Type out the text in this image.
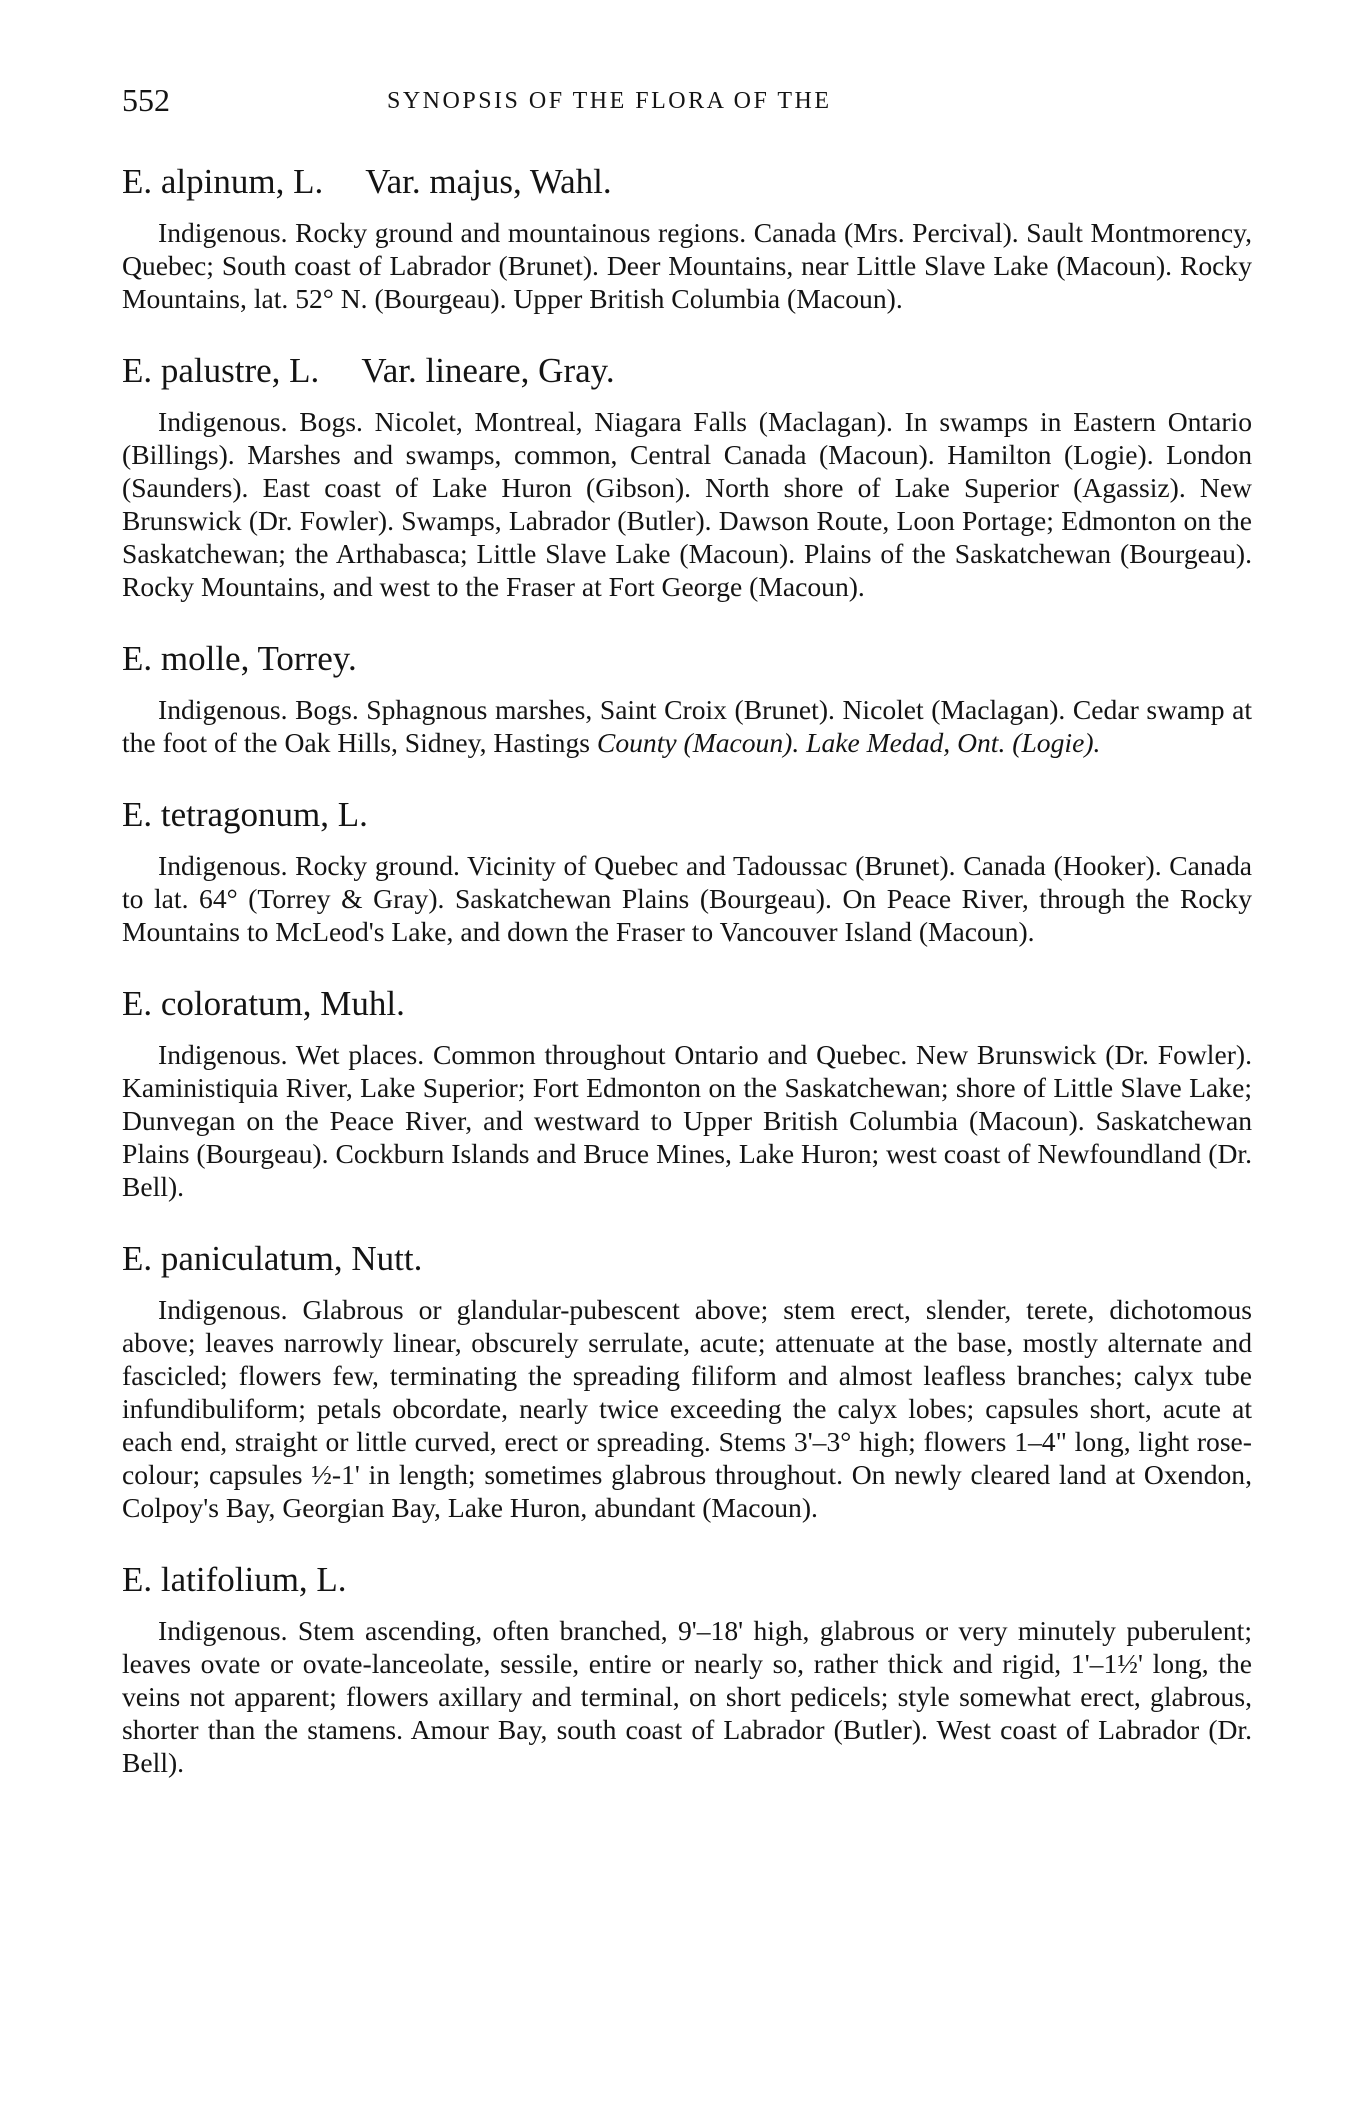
552	SYNOPSIS OF THE FLORA OF THE
E. alpinum, L. Var. majus, Wahl.

Indigenous. Rocky ground and mountainous regions. Canada (Mrs. Percival). Sault Montmorency, Quebec; South coast of Labrador (Brunet). Deer Mountains, near Little Slave Lake (Macoun). Rocky Mountains, lat. 52° N. (Bourgeau). Upper British Columbia (Macoun).

E. palustre, L. Var. lineare, Gray.

Indigenous. Bogs. Nicolet, Montreal, Niagara Falls (Maclagan). In swamps in Eastern Ontario (Billings). Marshes and swamps, common, Central Canada (Macoun). Hamilton (Logie). London (Saunders). East coast of Lake Huron (Gibson). North shore of Lake Superior (Agassiz). New Brunswick (Dr. Fowler). Swamps, Labrador (Butler). Dawson Route, Loon Portage; Edmonton on the Saskatchewan; the Arthabasca; Little Slave Lake (Macoun). Plains of the Saskatchewan (Bourgeau). Rocky Mountains, and west to the Fraser at Fort George (Macoun).

E. molle, Torrey.

Indigenous. Bogs. Sphagnous marshes, Saint Croix (Brunet). Nicolet (Maclagan). Cedar swamp at the foot of the Oak Hills, Sidney, Hastings County (Macoun). Lake Medad, Ont. (Logie).

E. tetragonum, L.

Indigenous. Rocky ground. Vicinity of Quebec and Tadoussac (Brunet). Canada (Hooker). Canada to lat. 64° (Torrey & Gray). Saskatchewan Plains (Bourgeau). On Peace River, through the Rocky Mountains to McLeod's Lake, and down the Fraser to Vancouver Island (Macoun).

E. coloratum, Muhl.

Indigenous. Wet places. Common throughout Ontario and Quebec. New Brunswick (Dr. Fowler). Kaministiquia River, Lake Superior; Fort Edmonton on the Saskatchewan; shore of Little Slave Lake; Dunvegan on the Peace River, and westward to Upper British Columbia (Macoun). Saskatchewan Plains (Bourgeau). Cockburn Islands and Bruce Mines, Lake Huron; west coast of Newfoundland (Dr. Bell).

E. paniculatum, Nutt.

Indigenous. Glabrous or glandular-pubescent above; stem erect, slender, terete, dichotomous above; leaves narrowly linear, obscurely serrulate, acute; attenuate at the base, mostly alternate and fascicled; flowers few, terminating the spreading filiform and almost leafless branches; calyx tube infundibuliform; petals obcordate, nearly twice exceeding the calyx lobes; capsules short, acute at each end, straight or little curved, erect or spreading. Stems 3'–3° high; flowers 1–4" long, light rose-colour; capsules ½-1' in length; sometimes glabrous throughout. On newly cleared land at Oxendon, Colpoy's Bay, Georgian Bay, Lake Huron, abundant (Macoun).

E. latifolium, L.

Indigenous. Stem ascending, often branched, 9'–18' high, glabrous or very minutely puberulent; leaves ovate or ovate-lanceolate, sessile, entire or nearly so, rather thick and rigid, 1'–1½' long, the veins not apparent; flowers axillary and terminal, on short pedicels; style somewhat erect, glabrous, shorter than the stamens. Amour Bay, south coast of Labrador (Butler). West coast of Labrador (Dr. Bell).
